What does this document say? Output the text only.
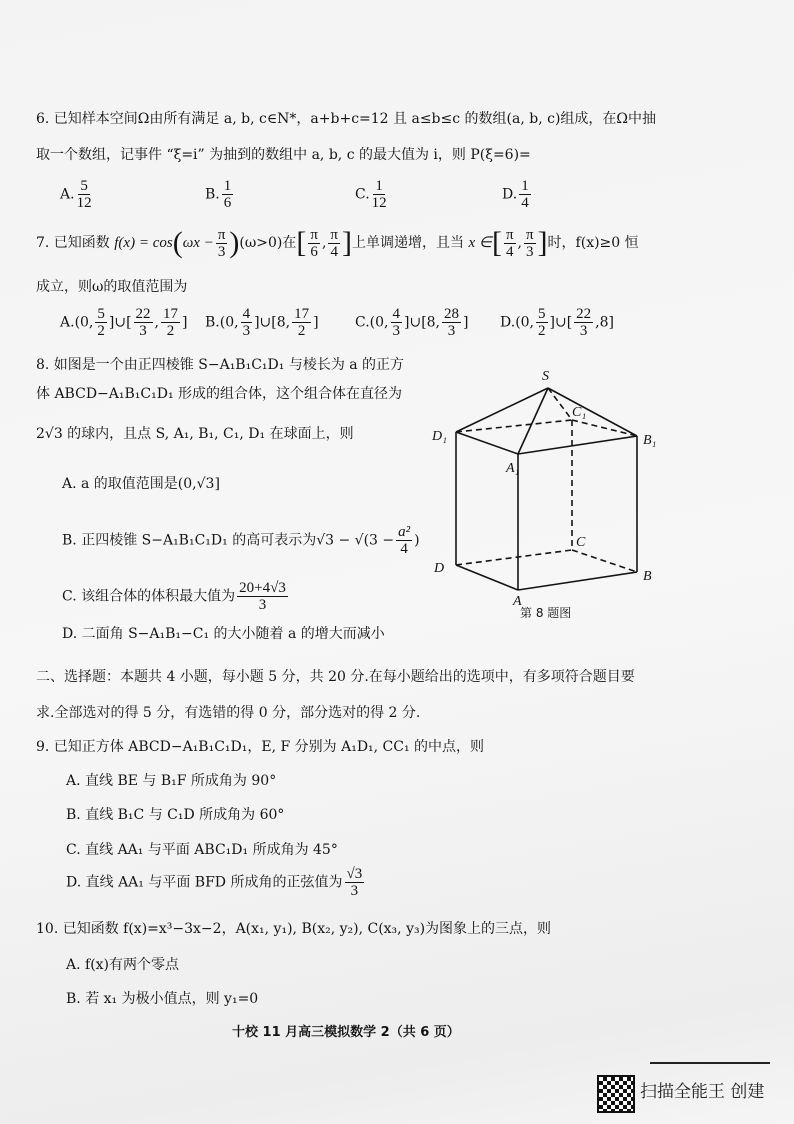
6. 已知样本空间Ω由所有满足 a, b, c∈N*，a+b+c=12 且 a≤b≤c 的数组(a, b, c)组成，在Ω中抽
取一个数组，记事件 “ξ=i” 为抽到的数组中 a, b, c 的最大值为 i，则 P(ξ=6)=
A. $\frac{5}{12}$	B. $\frac{1}{6}$	C. $\frac{1}{12}$	D. $\frac{1}{4}$
7. 已知函数 $f(x) = \cos(\omega x - \frac{\pi}{3} )(\omega>0)$在[ $\frac{\pi}{6}$ , $\frac{\pi}{4}$ ]上单调递增，且当 x ∈[ $\frac{\pi}{4}$ , $\frac{\pi}{3}$ ]时，f(x)≥0 恒
成立，则ω的取值范围为
A.(0, $\frac{5}{2}$ ]∪[ $\frac{22}{3}$ , $\frac{17}{2}$ ] B.(0, $\frac{4}{3}$ ]∪[8, $\frac{17}{2}$ ]	C.(0, $\frac{4}{3}$ ]∪[8, $\frac{28}{3}$ ] D.(0, $\frac{5}{2}$ ]∪[ $\frac{22}{3} ,8$]
8. 如图是一个由正四棱锥 S−A₁B₁C₁D₁ 与棱长为 a 的正方
体 ABCD−A₁B₁C₁D₁ 形成的组合体，这个组合体在直径为
2√3 的球内，且点 S, A₁, B₁, C₁, D₁ 在球面上，则
A. a 的取值范围是(0,√3]
B. 正四棱锥 S−A₁B₁C₁D₁ 的高可表示为$√3 - √(3 - \frac{\text{a²}}{4}$ )
C. 该组合体的体积最大值为 $\frac{20+4√3}{3}$
D. 二面角 S−A₁B₁−C₁ 的大小随着 a 的增大而减小
S
C₁
D₁	B₁
A₁
C
D
B
A
第 8 题图
二、选择题：本题共 4 小题，每小题 5 分，共 20 分.在每小题给出的选项中，有多项符合题目要
求.全部选对的得 5 分，有选错的得 0 分，部分选对的得 2 分.
9. 已知正方体 ABCD−A₁B₁C₁D₁，E, F 分别为 A₁D₁, CC₁ 的中点，则
A. 直线 BE 与 B₁F 所成角为 90°
B. 直线 B₁C 与 C₁D 所成角为 60°
C. 直线 AA₁ 与平面 ABC₁D₁ 所成角为 45°
D. 直线 AA₁ 与平面 BFD 所成角的正弦值为 $\frac{√3}{3}$
10. 已知函数 f(x)=x³−3x−2，A(x₁, y₁), B(x₂, y₂), C(x₃, y₃)为图象上的三点，则
A. f(x)有两个零点
B. 若 x₁ 为极小值点，则 y₁=0
十校 11 月高三模拟数学 2（共 6 页）
扫描全能王 创建
